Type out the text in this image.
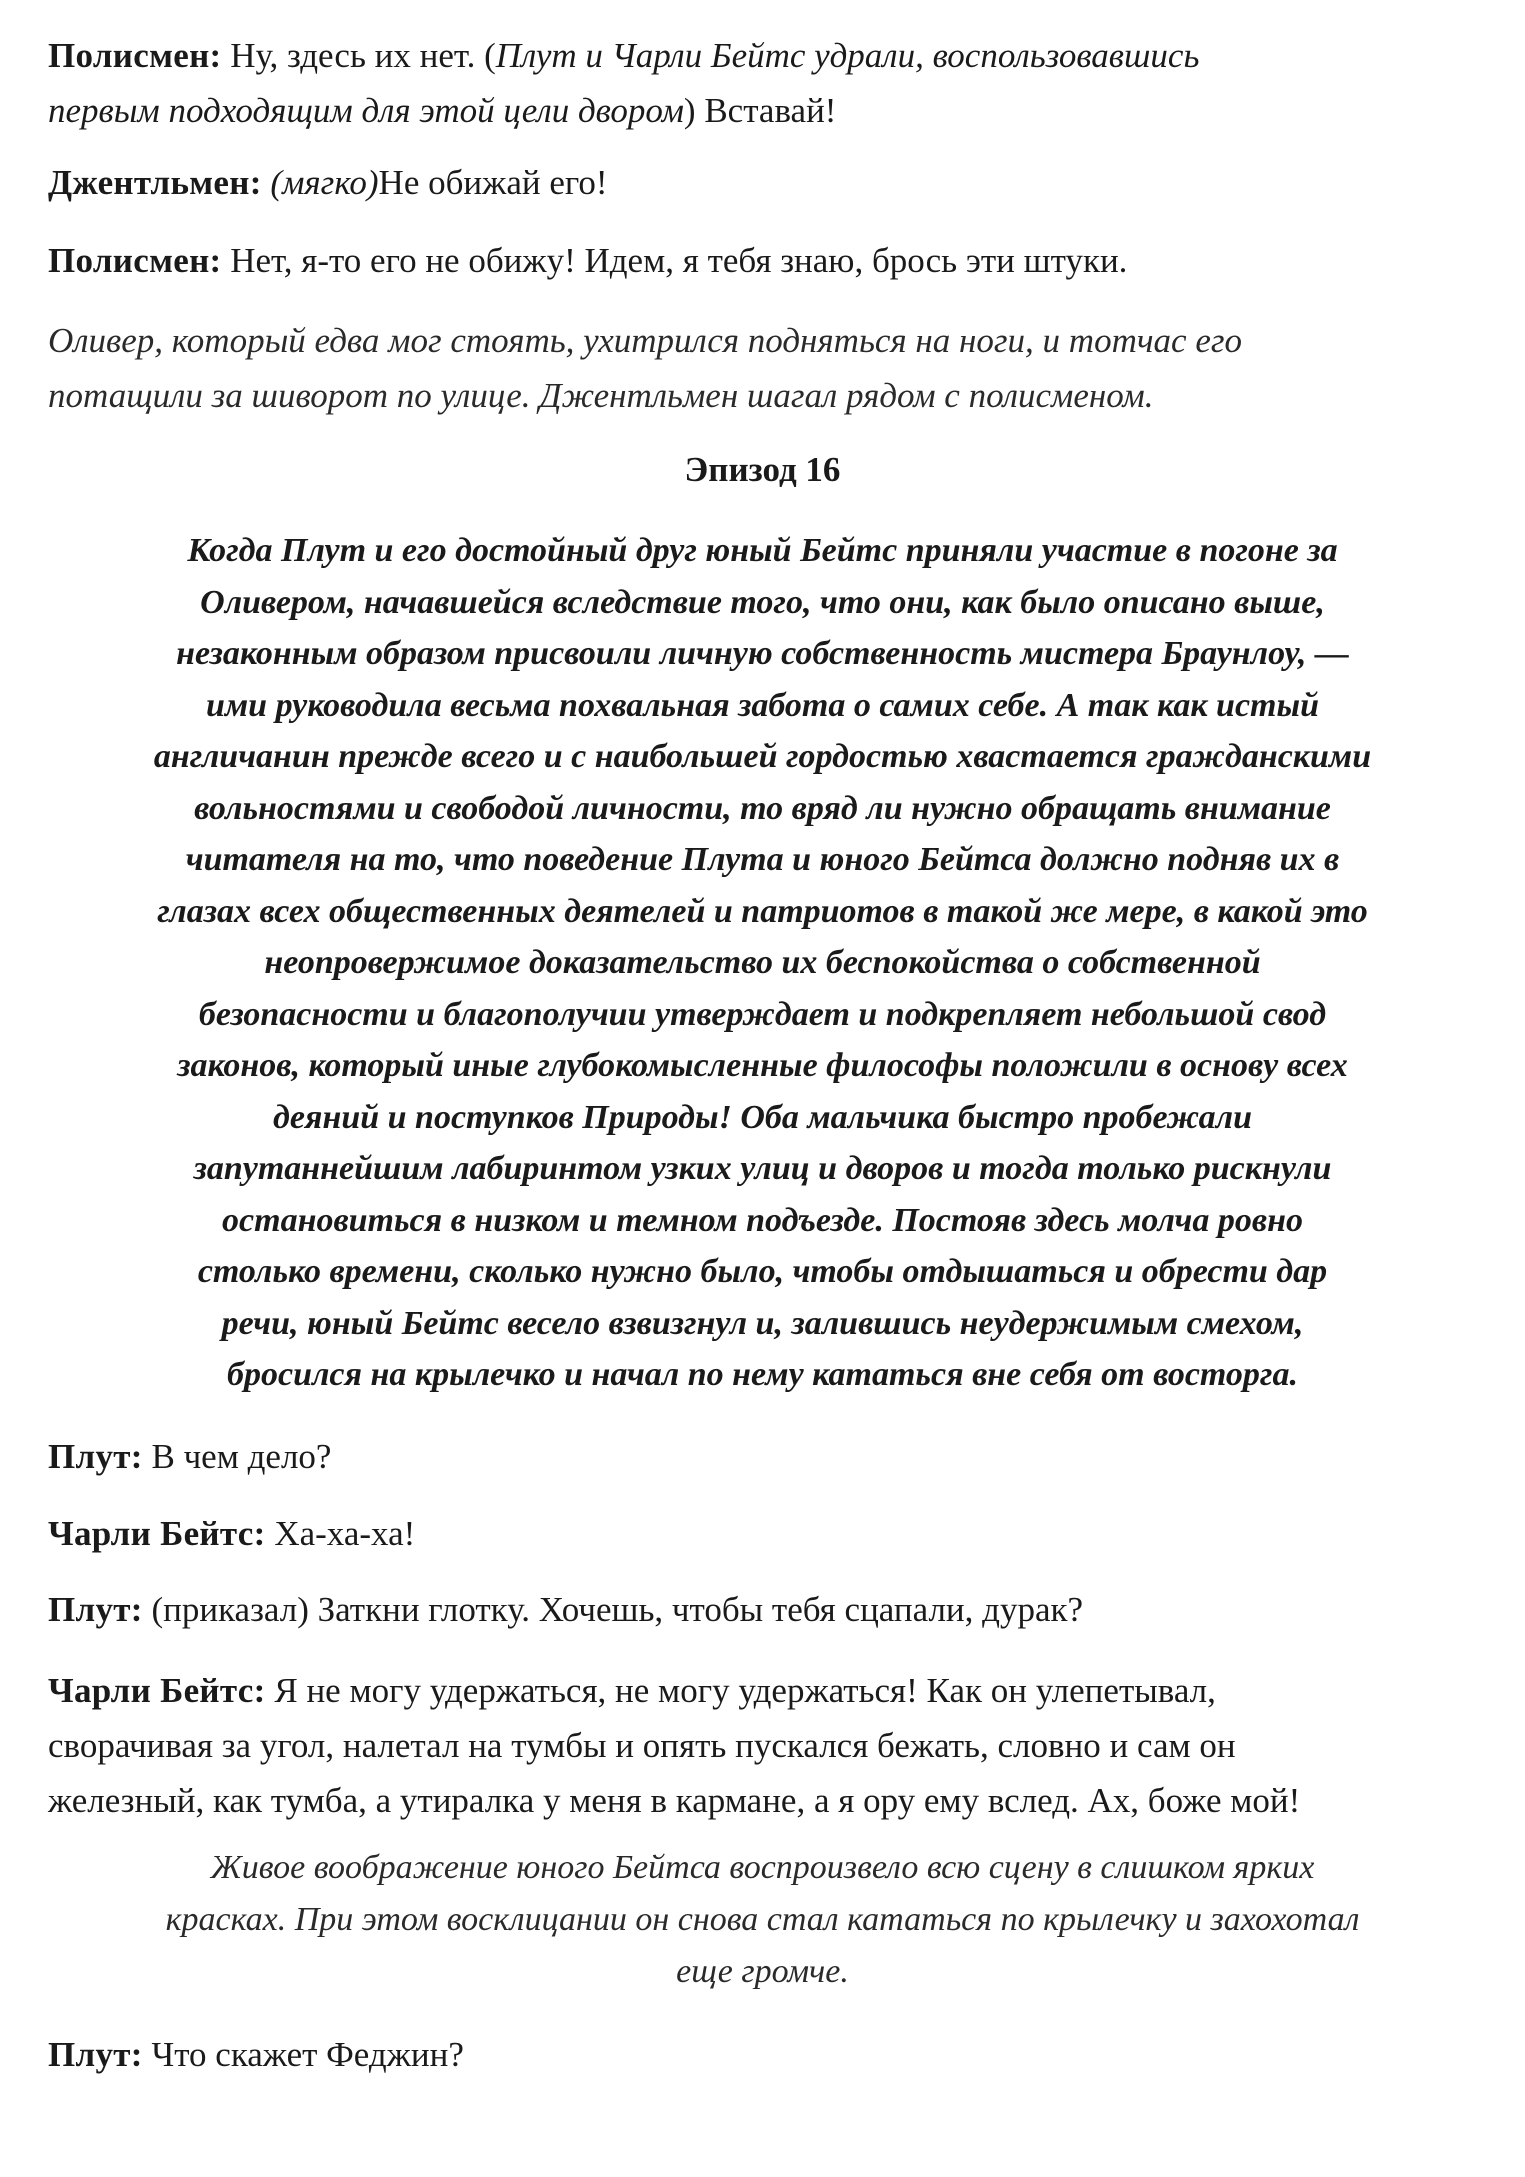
Полисмен: Ну, здесь их нет. (Плут и Чарли Бейтс удрали, воспользовавшись
первым подходящим для этой цели двором) Вставай!
Джентльмен: (мягко)Не обижай его!
Полисмен: Нет, я-то его не обижу! Идем, я тебя знаю, брось эти штуки.
Оливер, который едва мог стоять, ухитрился подняться на ноги, и тотчас его
потащили за шиворот по улице. Джентльмен шагал рядом с полисменом.
Эпизод 16
Когда Плут и его достойный друг юный Бейтс приняли участие в погоне за
Оливером, начавшейся вследствие того, что они, как было описано выше,
незаконным образом присвоили личную собственность мистера Браунлоу, —
ими руководила весьма похвальная забота о самих себе. А так как истый
англичанин прежде всего и с наибольшей гордостью хвастается гражданскими
вольностями и свободой личности, то вряд ли нужно обращать внимание
читателя на то, что поведение Плута и юного Бейтса должно подняв их в
глазах всех общественных деятелей и патриотов в такой же мере, в какой это
неопровержимое доказательство их беспокойства о собственной
безопасности и благополучии утверждает и подкрепляет небольшой свод
законов, который иные глубокомысленные философы положили в основу всех
деяний и поступков Природы! Оба мальчика быстро пробежали
запутаннейшим лабиринтом узких улиц и дворов и тогда только рискнули
остановиться в низком и темном подъезде. Постояв здесь молча ровно
столько времени, сколько нужно было, чтобы отдышаться и обрести дар
речи, юный Бейтс весело взвизгнул и, залившись неудержимым смехом,
бросился на крылечко и начал по нему кататься вне себя от восторга.
Плут: В чем дело?
Чарли Бейтс: Ха-ха-ха!
Плут: (приказал) Заткни глотку. Хочешь, чтобы тебя сцапали, дурак?
Чарли Бейтс: Я не могу удержаться, не могу удержаться! Как он улепетывал,
сворачивая за угол, налетал на тумбы и опять пускался бежать, словно и сам он
железный, как тумба, а утиралка у меня в кармане, а я ору ему вслед. Ах, боже мой!
Живое воображение юного Бейтса воспроизвело всю сцену в слишком ярких
красках. При этом восклицании он снова стал кататься по крылечку и захохотал
еще громче.
Плут: Что скажет Феджин?
